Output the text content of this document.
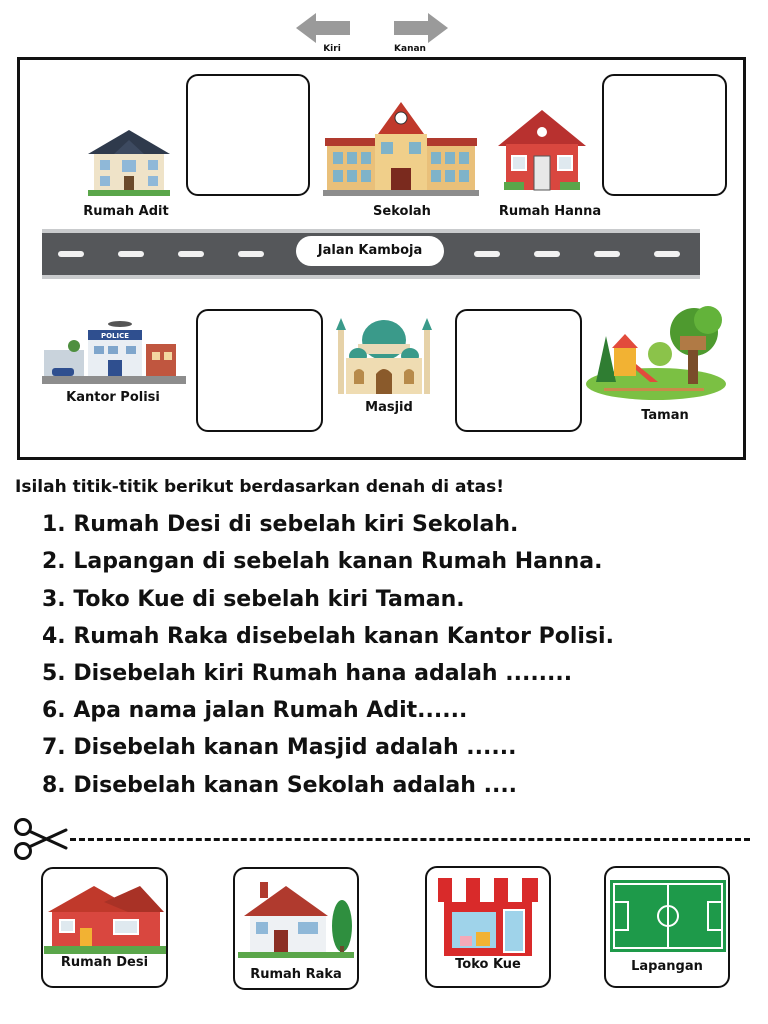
Kiri	Kanan
Rumah Adit	Sekolah	Rumah Hanna
Jalan Kamboja
POLICE
Kantor Polisi
Masjid
Taman
Isilah titik-titik berikut berdasarkan denah di atas!
1. Rumah Desi di sebelah kiri Sekolah.
2. Lapangan di sebelah kanan Rumah Hanna.
3. Toko Kue di sebelah kiri Taman.
4. Rumah Raka disebelah kanan Kantor Polisi.
5. Disebelah kiri Rumah hana adalah ........
6. Apa nama jalan Rumah Adit......
7. Disebelah kanan Masjid adalah ......
8. Disebelah kanan Sekolah adalah ....
Rumah Desi
Rumah Raka
Toko Kue	Lapangan
